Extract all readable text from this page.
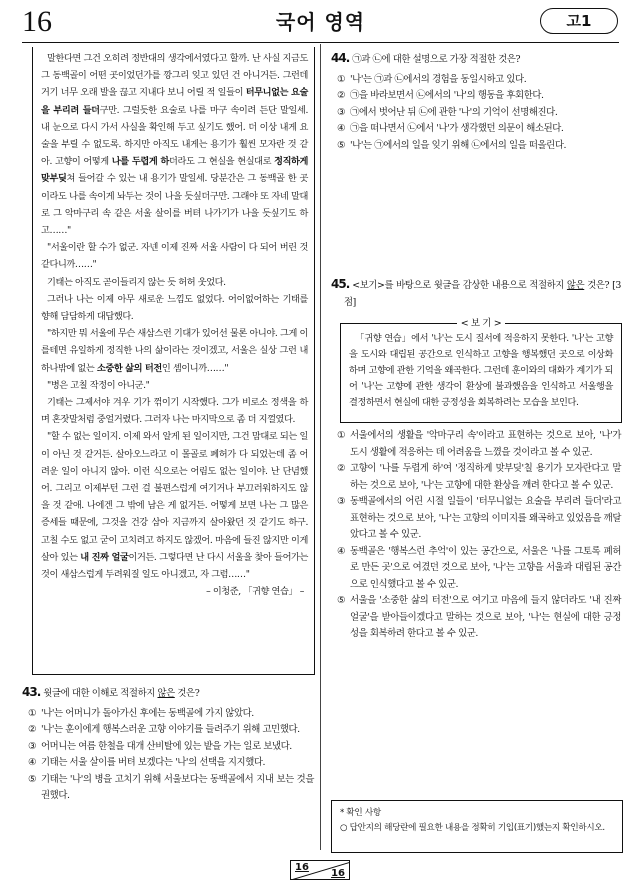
16	국어 영역	고1

말한다면 그건 오히려 정반대의 생각에서였다고 할까. 난 사실 지금도 그 동백골이 어떤 곳이었던가를 깡그리 잊고 있던 건 아니거든. 그런데 거기 너무 오래 발을 끊고 지내다 보니 어릴 적 일들이 터무니없는 요술을 부리려 들더구만. 그럴듯한 요술로 나를 마구 속이려 든단 말일세. 내 눈으로 다시 가서 사실을 확인해 두고 싶기도 했어. 더 이상 내게 요술을 부릴 수 없도록. 하지만 아직도 내게는 용기가 훨씬 모자란 것 같아. 고향이 어떻게 나를 두렵게 하더라도 그 현실을 현실대로 정직하게 맞부딪쳐 들어갈 수 있는 내 용기가 말일세. 당분간은 그 동백골 한 곳이라도 나를 속이게 놔두는 것이 나을 듯싶더구만. 그래야 또 자네 말대로 그 악마구리 속 같은 서울 살이를 버텨 나가기가 나을 듯싶기도 하고……"

"서울이란 할 수가 없군. 자넨 이제 진짜 서울 사람이 다 되어 버린 것 같다니까……"

기태는 아직도 곧이들리지 않는 듯 허허 웃었다.

그러나 나는 이제 아무 새로운 느낌도 없었다. 어이없어하는 기태를 향해 담담하게 대답했다.

"하지만 뭐 서울에 무슨 새삼스런 기대가 있어선 물론 아니야. 그게 이를테면 유일하게 정직한 나의 삶이라는 것이겠고, 서울은 실상 그런 내 하나밖에 없는 소중한 삶의 터전인 셈이니까……"

"병은 고칠 작정이 아니군."

기태는 그제서야 겨우 기가 꺾이기 시작했다. 그가 비로소 정색을 하며 혼잣말처럼 중얼거렸다. 그러자 나는 마지막으로 좀 더 지껄였다.

"할 수 없는 일이지. 이제 와서 알게 된 일이지만, 그건 맘대로 되는 일이 아닌 것 같거든. 살아오느라고 이 몰골로 폐허가 다 되었는데 좀 어려운 일이 아니지 않아. 이런 식으로는 어림도 없는 일이야. 난 단념했어. 그리고 이제부턴 그런 걸 불편스럽게 여기거나 부끄러워하지도 않을 것 같애. 나에겐 그 밖에 남은 게 없거든. 어떻게 보면 나는 그 많은 증세들 때문에, 그것을 건강 삼아 지금까지 살아왔던 것 같기도 하구. 고칠 수도 없고 굳이 고치려고 하지도 않겠어. 마음에 들진 않지만 이게 살아 있는 내 진짜 얼굴이거든. 그렇다면 난 다시 서울을 찾아 들어가는 것이 새삼스럽게 두려워질 일도 아니겠고, 자 그럼……"

– 이청준, 「귀향 연습」 –

43. 윗글에 대한 이해로 적절하지 않은 것은?
① '나'는 어머니가 돌아가신 후에는 동백골에 가지 않았다.
② '나'는 훈이에게 행복스러운 고향 이야기를 들려주기 위해 고민했다.
③ 어머니는 여름 한철을 대개 산비탈에 있는 밭을 가는 일로 보냈다.
④ 기태는 서울 살이를 버텨 보겠다는 '나'의 선택을 지지했다.
⑤ 기태는 '나'의 병을 고치기 위해 서울보다는 동백골에서 지내 보는 것을 권했다.
44. ㉠과 ㉡에 대한 설명으로 가장 적절한 것은?
① '나'는 ㉠과 ㉡에서의 경험을 동일시하고 있다.
② ㉠을 바라보면서 ㉡에서의 '나'의 행동을 후회한다.
③ ㉠에서 벗어난 뒤 ㉡에 관한 '나'의 기억이 선명해진다.
④ ㉠을 떠나면서 ㉡에서 '나'가 생각했던 의문이 해소된다.
⑤ '나'는 ㉠에서의 일을 잊기 위해 ㉡에서의 일을 떠올린다.
45. <보기>를 바탕으로 윗글을 감상한 내용으로 적절하지 않은 것은? [3점]
< 보 기 >

「귀향 연습」에서 '나'는 도시 질서에 적응하지 못한다. '나'는 고향을 도시와 대립된 공간으로 인식하고 고향을 행복했던 곳으로 이상화하며 고향에 관한 기억을 왜곡한다. 그런데 훈이와의 대화가 계기가 되어 '나'는 고향에 관한 생각이 환상에 불과했음을 인식하고 서울행을 결정하면서 현실에 대한 긍정성을 회복하려는 모습을 보인다.

① 서울에서의 생활을 '악마구리 속'이라고 표현하는 것으로 보아, '나'가 도시 생활에 적응하는 데 어려움을 느꼈을 것이라고 볼 수 있군.
② 고향이 '나를 두렵게 하'여 '정직하게 맞부딪'칠 용기가 모자란다고 말하는 것으로 보아, '나'는 고향에 대한 환상을 깨려 한다고 볼 수 있군.
③ 동백골에서의 어린 시절 일들이 '터무니없는 요술을 부리려 들더'라고 표현하는 것으로 보아, '나'는 고향의 이미지를 왜곡하고 있었음을 깨달았다고 볼 수 있군.
④ 동백골은 '행복스런 추억'이 있는 공간으로, 서울은 '나를 그토록 폐허로 만든 곳'으로 여겼던 것으로 보아, '나'는 고향을 서울과 대립된 공간으로 인식했다고 볼 수 있군.
⑤ 서울을 '소중한 삶의 터전'으로 여기고 마음에 들지 않더라도 '내 진짜 얼굴'을 받아들이겠다고 말하는 것으로 보아, '나'는 현실에 대한 긍정성을 회복하려 한다고 볼 수 있군.
* 확인 사항
○ 답안지의 해당란에 필요한 내용을 정확히 기입(표기)했는지 확인하시오.
16
16
